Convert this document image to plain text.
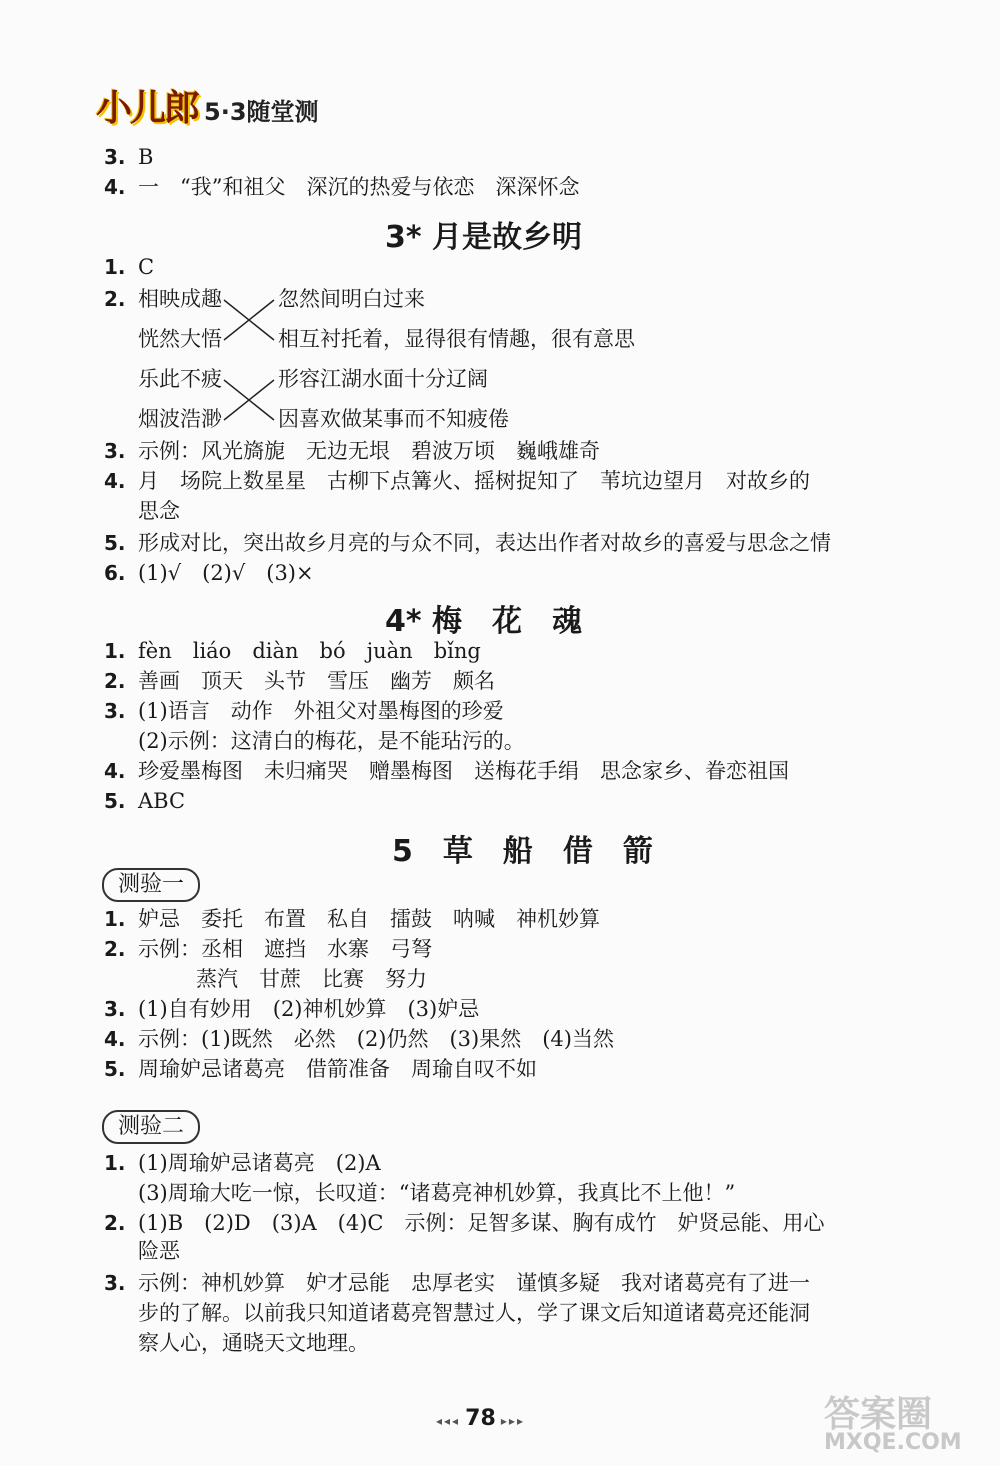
小儿郎 5·3随堂测
3. B
4. 一　“我”和祖父　深沉的热爱与依恋　深深怀念
3* 月是故乡明
1. C
2. 相映成趣
恍然大悟
乐此不疲
烟波浩渺
忽然间明白过来
相互衬托着，显得很有情趣，很有意思
形容江湖水面十分辽阔
因喜欢做某事而不知疲倦
3. 示例：风光旖旎　无边无垠　碧波万顷　巍峨雄奇
4. 月　场院上数星星　古柳下点篝火、摇树捉知了　苇坑边望月　对故乡的
思念
5. 形成对比，突出故乡月亮的与众不同，表达出作者对故乡的喜爱与思念之情
6. (1)√　(2)√　(3)×
4* 梅　花　魂
1. fèn　liáo　diàn　bó　juàn　bǐng
2. 善画　顶天　头节　雪压　幽芳　颇名
3. (1)语言　动作　外祖父对墨梅图的珍爱
(2)示例：这清白的梅花，是不能玷污的。
4. 珍爱墨梅图　未归痛哭　赠墨梅图　送梅花手绢　思念家乡、眷恋祖国
5. ABC
5　草　船　借　箭
测验一
1. 妒忌　委托　布置　私自　擂鼓　呐喊　神机妙算
2. 示例：丞相　遮挡　水寨　弓弩
蒸汽　甘蔗　比赛　努力
3. (1)自有妙用　(2)神机妙算　(3)妒忌
4. 示例：(1)既然　必然　(2)仍然　(3)果然　(4)当然
5. 周瑜妒忌诸葛亮　借箭准备　周瑜自叹不如
测验二
1. (1)周瑜妒忌诸葛亮　(2)A
(3)周瑜大吃一惊，长叹道：“诸葛亮神机妙算，我真比不上他！”
2. (1)B　(2)D　(3)A　(4)C　示例：足智多谋、胸有成竹　妒贤忌能、用心
险恶
3. 示例：神机妙算　妒才忌能　忠厚老实　谨慎多疑　我对诸葛亮有了进一
步的了解。以前我只知道诸葛亮智慧过人，学了课文后知道诸葛亮还能洞
察人心，通晓天文地理。
◂◂◂ 78 ▸▸▸	答案圈
MXQE.COM
